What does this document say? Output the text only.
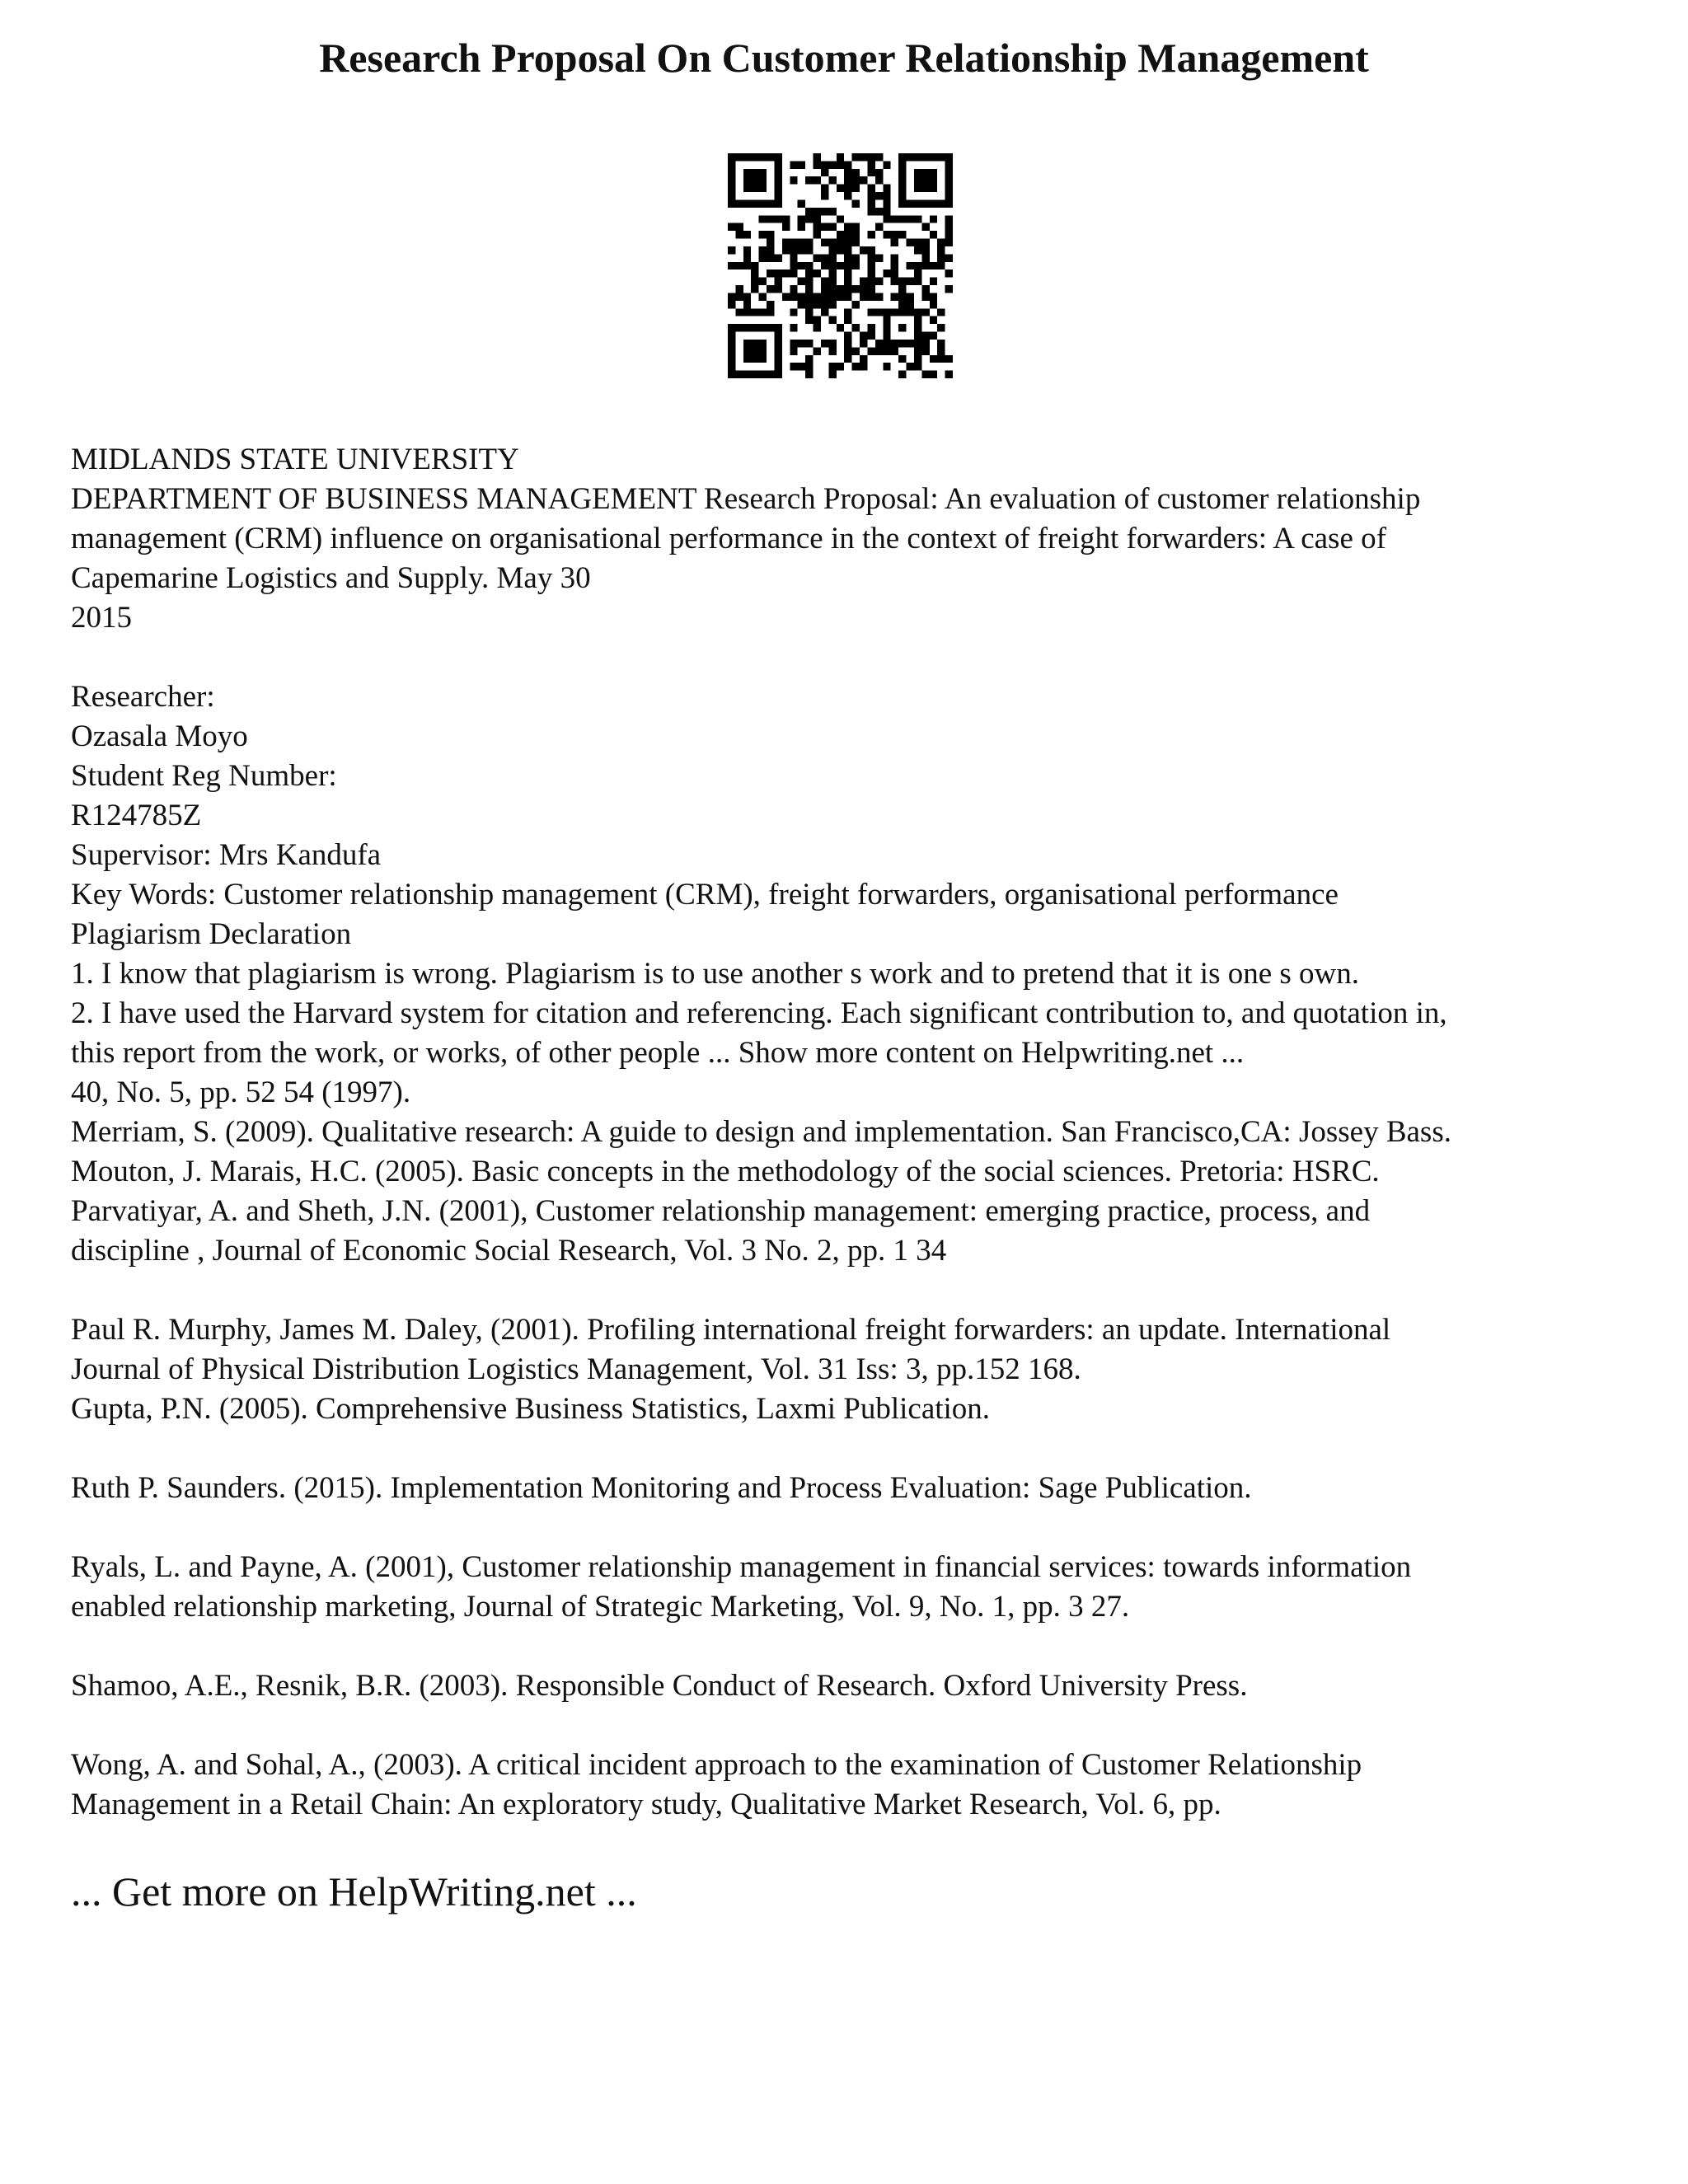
Research Proposal On Customer Relationship Management
MIDLANDS STATE UNIVERSITY
DEPARTMENT OF BUSINESS MANAGEMENT Research Proposal: An evaluation of customer relationship
management (CRM) influence on organisational performance in the context of freight forwarders: A case of
Capemarine Logistics and Supply. May 30
2015
Researcher:
Ozasala Moyo
Student Reg Number:
R124785Z
Supervisor: Mrs Kandufa
Key Words: Customer relationship management (CRM), freight forwarders, organisational performance
Plagiarism Declaration
1. I know that plagiarism is wrong. Plagiarism is to use another s work and to pretend that it is one s own.
2. I have used the Harvard system for citation and referencing. Each significant contribution to, and quotation in,
this report from the work, or works, of other people ... Show more content on Helpwriting.net ...
40, No. 5, pp. 52 54 (1997).
Merriam, S. (2009). Qualitative research: A guide to design and implementation. San Francisco,CA: Jossey Bass.
Mouton, J. Marais, H.C. (2005). Basic concepts in the methodology of the social sciences. Pretoria: HSRC.
Parvatiyar, A. and Sheth, J.N. (2001), Customer relationship management: emerging practice, process, and
discipline , Journal of Economic Social Research, Vol. 3 No. 2, pp. 1 34
Paul R. Murphy, James M. Daley, (2001). Profiling international freight forwarders: an update. International
Journal of Physical Distribution Logistics Management, Vol. 31 Iss: 3, pp.152 168.
Gupta, P.N. (2005). Comprehensive Business Statistics, Laxmi Publication.
Ruth P. Saunders. (2015). Implementation Monitoring and Process Evaluation: Sage Publication.
Ryals, L. and Payne, A. (2001), Customer relationship management in financial services: towards information
enabled relationship marketing, Journal of Strategic Marketing, Vol. 9, No. 1, pp. 3 27.
Shamoo, A.E., Resnik, B.R. (2003). Responsible Conduct of Research. Oxford University Press.
Wong, A. and Sohal, A., (2003). A critical incident approach to the examination of Customer Relationship
Management in a Retail Chain: An exploratory study, Qualitative Market Research, Vol. 6, pp.
... Get more on HelpWriting.net ...
